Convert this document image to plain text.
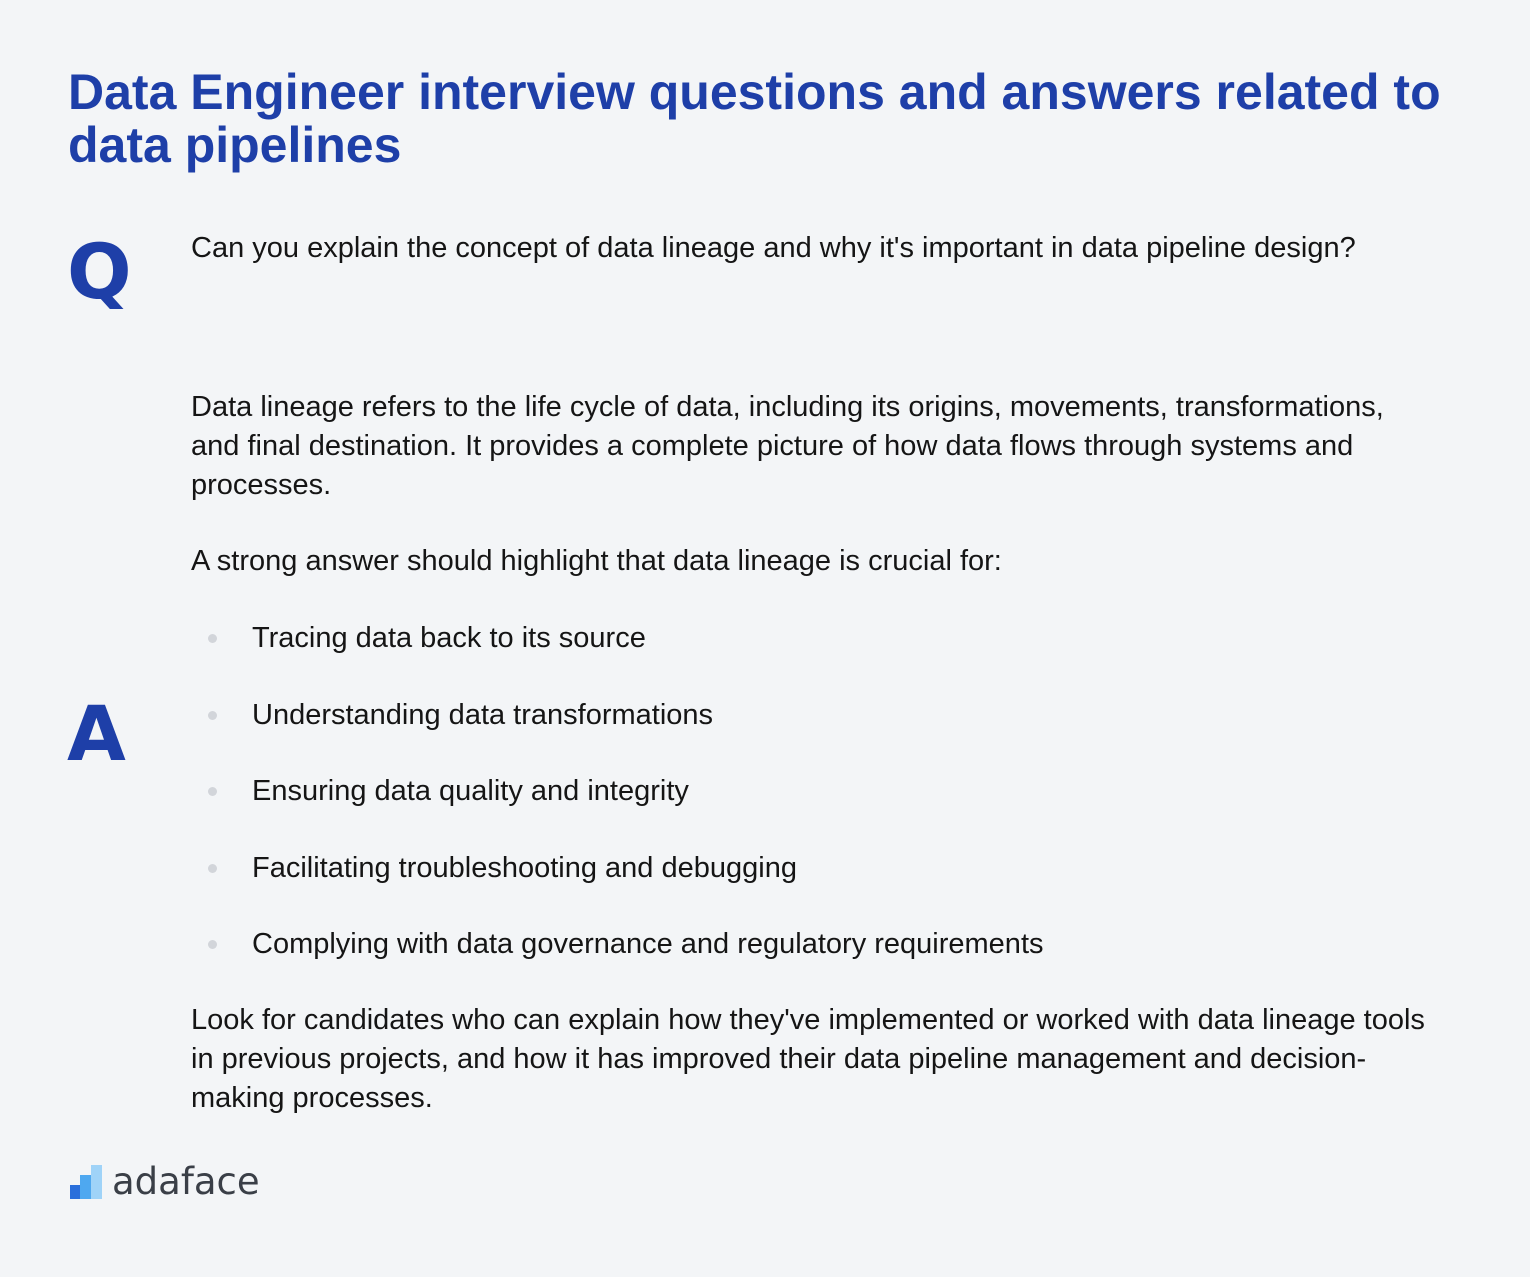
Data Engineer interview questions and answers related to data pipelines
Q Can you explain the concept of data lineage and why it's important in data pipeline design?

A

Data lineage refers to the life cycle of data, including its origins, movements, transformations, and final destination. It provides a complete picture of how data flows through systems and processes.

A strong answer should highlight that data lineage is crucial for:

Tracing data back to its source
Understanding data transformations
Ensuring data quality and integrity
Facilitating troubleshooting and debugging
Complying with data governance and regulatory requirements

Look for candidates who can explain how they've implemented or worked with data lineage tools in previous projects, and how it has improved their data pipeline management and decision-making processes.

adaface
